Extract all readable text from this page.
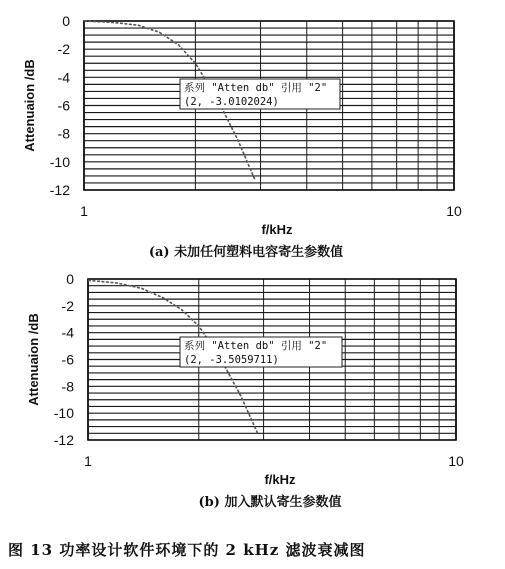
0
-2
-4
-6
-8
-10
-12
1	10
Attenuaion /dB
f/kHz
(a) 未加任何塑料电容寄生参数值
系列 "Atten db" 引用 "2"
(2, -3.0102024)
0
-2
-4
-6
-8
-10
-12
1	10
Attenuaion /dB
f/kHz
(b) 加入默认寄生参数值
系列 "Atten db" 引用 "2"
(2, -3.5059711)
图 13 功率设计软件环境下的 2 kHz 滤波衰减图
